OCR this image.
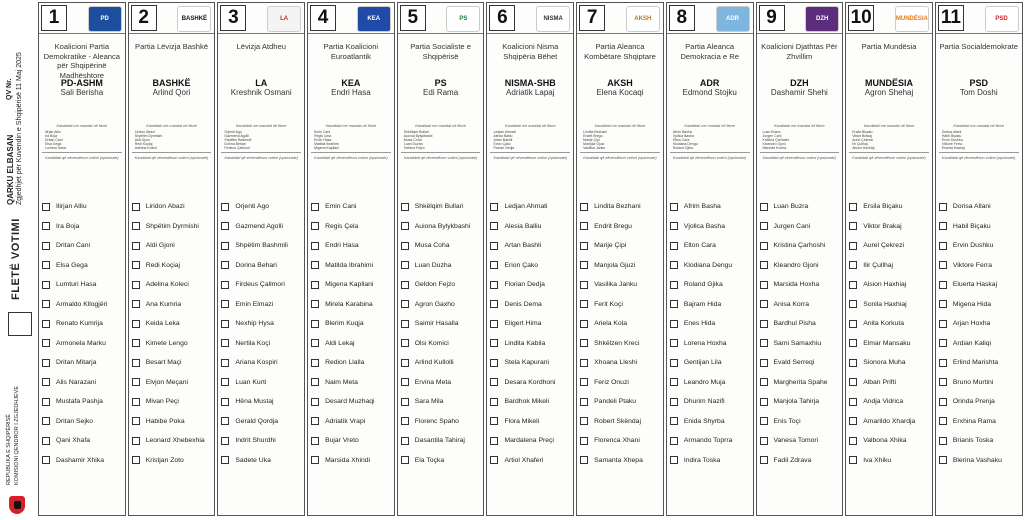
QV Nr.
QARKU ELBASAN Zgjedhjet për Kuvendin e Shqipërisë 11 Maj 2025
FLETË VOTIMI
REPUBLIKA E SHQIPËRISË KOMISIONI QENDROR I ZGJEDHJEVE
1	PD
Koalicioni Partia Demokratike - Aleanca për Shqipërinë Madhështore
PD-ASHM
Sali Berisha
Kandidati me mandat në fitore
Ilirjan Alliu
Ira Boja
Dritan Cani
Elsa Gega
Lumturi Hasa
Kandidati që zëvendëson votimi (opsionale)
Ilirjan Alliu
Ira Boja
Dritan Cani
Elsa Gega
Lumturi Hasa
Armaldo Kllogjëri
Renato Kumrija
Armonela Marku
Dritan Mitarja
Alis Narazani
Mustafa Pashja
Dritan Sejko
Qani Xhafa
Dashamir Xhika
2	BASHKË
Partia Lëvizja Bashkë
BASHKË
Arlind Qori
Kandidati me mandat në fitore
Liridon Abazi
Shpëtim Dyrmishi
Aldi Gjoni
Redi Koçiaj
Adelina Koleci
Kandidati që zëvendëson votimi (opsionale)
Liridon Abazi
Shpëtim Dyrmishi
Aldi Gjoni
Redi Koçiaj
Adelina Koleci
Ana Kumria
Keida Leka
Kimete Lengo
Besart Maçi
Elvjon Meçani
Mivan Peçi
Habibe Poka
Leonard Xhebexhia
Kristjan Zoto
3	LA
Lëvizja Atdheu
LA
Kreshnik Osmani
Kandidati me mandat në fitore
Orjenti Ago
Gazmend Agolli
Shpëtim Bashmili
Dorina Behari
Firdeus Çallmori
Kandidati që zëvendëson votimi (opsionale)
Orjenti Ago
Gazmend Agolli
Shpëtim Bashmili
Dorina Behari
Firdeus Çallmori
Emin Elmazi
Nexhip Hysa
Nertila Koçi
Ariana Kospiri
Luan Kurti
Hëna Mustaj
Gerald Qordja
Indrit Shurdhi
Sadete Uka
4	KEA
Partia Koalicioni Euroatlantik
KEA
Endri Hasa
Kandidati me mandat në fitore
Emin Cani
Regis Çela
Endri Hasa
Matilda Ibrahimi
Migena Kapllani
Kandidati që zëvendëson votimi (opsionale)
Emin Cani
Regis Çela
Endri Hasa
Matilda Ibrahimi
Migena Kapllani
Mirela Karabina
Blerim Kuqja
Aldi Lekaj
Redion Llalla
Naim Meta
Desard Muzhaqi
Adriatik Vrapi
Bujar Vreto
Marsida Xhindi
5	PS
Partia Socialiste e Shqipërisë
PS
Edi Rama
Kandidati me mandat në fitore
Shkëlqim Bullari
Auiona Bylykbashi
Musa Coha
Luan Duzha
Geldon Fejzo
Kandidati që zëvendëson votimi (opsionale)
Shkëlqim Bullari
Auiona Bylykbashi
Musa Coha
Luan Duzha
Geldon Fejzo
Agron Gaxho
Saimir Hasalla
Olsi Komici
Arlind Kullolli
Ervina Meta
Sara Mila
Florenc Spaho
Dasantila Tahiraj
Ela Toçka
6	NISMA
Koalicioni Nisma Shqipëria Bëhet
NISMA-SHB
Adriatik Lapaj
Kandidati me mandat në fitore
Ledjan Ahmati
Alesia Balliu
Artan Bashli
Erion Çako
Florian Dedja
Kandidati që zëvendëson votimi (opsionale)
Ledjan Ahmati
Alesia Balliu
Artan Bashli
Erion Çako
Florian Dedja
Denis Dema
Eligert Hima
Lindita Kabila
Stela Kapurani
Desara Kordhoni
Bardhok Mikeli
Flora Mikeli
Mardalena Preçi
Artiol Xhaferi
7	AKSH
Partia Aleanca Kombëtare Shqiptare
AKSH
Elena Kocaqi
Kandidati me mandat në fitore
Lindita Bezhani
Endrit Bregu
Marije Çipi
Manjola Gjuzi
Vasilika Janku
Kandidati që zëvendëson votimi (opsionale)
Lindita Bezhani
Endrit Bregu
Marije Çipi
Manjola Gjuzi
Vasilika Janku
Ferit Koçi
Ariela Kola
Shkëlzen Kreci
Xhoana Lleshi
Feriz Onuzi
Pandeli Ptaku
Robert Skëndaj
Florenca Xhani
Samanta Xhepa
8	ADR
Partia Aleanca Demokracia e Re
ADR
Edmond Stojku
Kandidati me mandat në fitore
Afrim Basha
Vjollca Basha
Elton Cara
Klodiana Dengu
Roland Gjika
Kandidati që zëvendëson votimi (opsionale)
Afrim Basha
Vjollca Basha
Elton Cara
Klodiana Dengu
Roland Gjika
Bajram Hida
Enes Hida
Lorena Hoxha
Gentijan Lila
Leandro Muja
Dhurim Nazifi
Enida Shyrba
Armando Toprra
Indira Toska
9	DZH
Koalicioni Djathtas Për Zhvillim
DZH
Dashamir Shehi
Kandidati me mandat në fitore
Luan Buzra
Jurgen Cani
Kristina Çarhoshi
Kleandro Gjoni
Marsida Hoxha
Kandidati që zëvendëson votimi (opsionale)
Luan Buzra
Jurgen Cani
Kristina Çarhoshi
Kleandro Gjoni
Marsida Hoxha
Anisa Korra
Bardhul Pisha
Sami Samaxhiu
Evald Serreqi
Margherita Spahe
Manjola Tahirja
Enis Toçi
Vanesa Tomori
Fadil Zdrava
10	MUNDËSIA
Partia Mundësia
MUNDËSIA
Agron Shehaj
Kandidati me mandat në fitore
Ersila Biçaku
Viktor Brakaj
Aurel Çekrezi
Ilir Çullhaj
Alsion Haxhiaj
Kandidati që zëvendëson votimi (opsionale)
Ersila Biçaku
Viktor Brakaj
Aurel Çekrezi
Ilir Çullhaj
Alsion Haxhiaj
Sonila Haxhiaj
Anita Korkuta
Elmar Mansaku
Sionora Muha
Alban Prifti
Andja Vidrica
Amarildo Xhardja
Valbona Xhika
Iva Xhiku
11	PSD
Partia Socialdemokrate
PSD
Tom Doshi
Kandidati me mandat në fitore
Dorisa Allani
Habil Biçaku
Ervin Dushku
Viktore Ferra
Eluerta Haskaj
Kandidati që zëvendëson votimi (opsionale)
Dorisa Allani
Habil Biçaku
Ervin Dushku
Viktore Ferra
Eluerta Haskaj
Migena Hida
Arjan Hoxha
Ardian Kaliqi
Erlind Marishta
Bruno Murtini
Orinda Prenja
Erxhina Rama
Brianis Toska
Blerina Vashaku
